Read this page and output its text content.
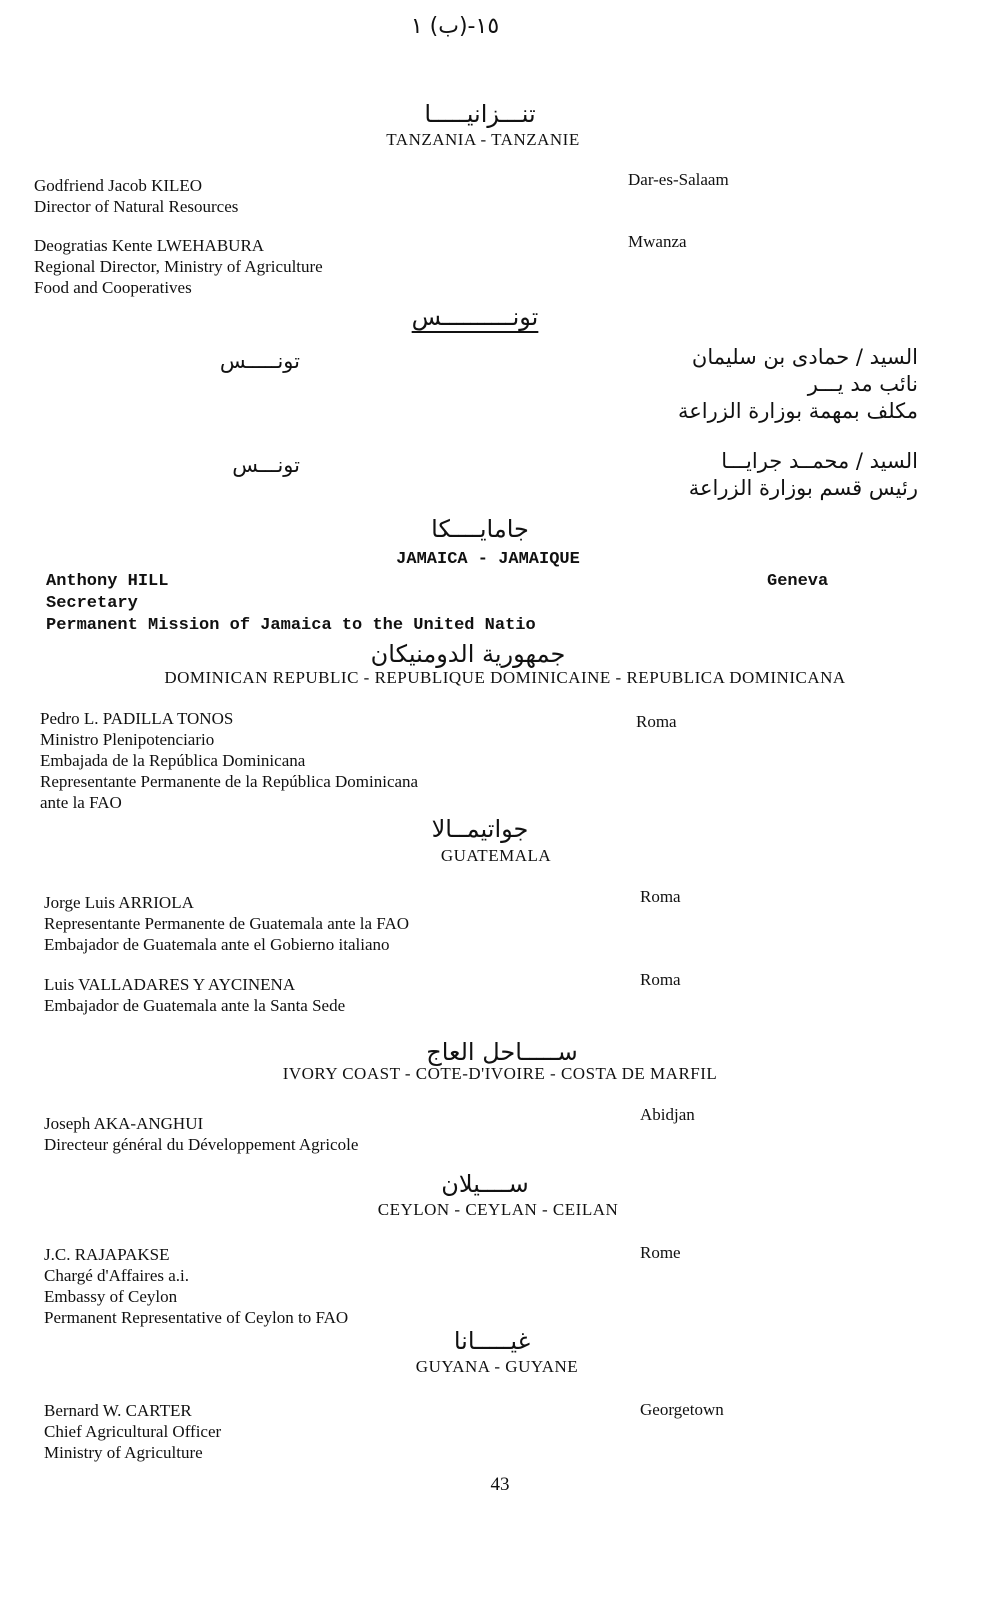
١٥-(ب) ١
تنـــزانيـــــا
TANZANIA - TANZANIE
Godfriend Jacob KILEO
Director of Natural Resources
Dar-es-Salaam
Deogratias Kente LWEHABURA
Regional Director, Ministry of Agriculture
Food and Cooperatives
Mwanza
تونــــــــــس
تونـــــس	السيد / حمادى بن سليمان
نائب مد يـــر
مكلف بمهمة بوزارة الزراعة
تونـــس	السيد / محمــد جرايـــا
رئيس قسم بوزارة الزراعة
جامايــــكا
JAMAICA - JAMAIQUE
Anthony HILL
Secretary
Permanent Mission of Jamaica to the United Natio
Geneva
جمهورية الدومنيكان
DOMINICAN REPUBLIC - REPUBLIQUE DOMINICAINE - REPUBLICA DOMINICANA
Pedro L. PADILLA TONOS
Ministro Plenipotenciario
Embajada de la República Dominicana
Representante Permanente de la República Dominicana
ante la FAO
Roma
جواتيمــالا
GUATEMALA
Jorge Luis ARRIOLA
Representante Permanente de Guatemala ante la FAO
Embajador de Guatemala ante el Gobierno italiano
Roma
Luis VALLADARES Y AYCINENA
Embajador de Guatemala ante la Santa Sede
Roma
ســـــاحل العاج
IVORY COAST - COTE-D'IVOIRE - COSTA DE MARFIL
Joseph AKA-ANGHUI
Directeur général du Développement Agricole
Abidjan
ســــيلان
CEYLON - CEYLAN - CEILAN
J.C. RAJAPAKSE
Chargé d'Affaires a.i.
Embassy of Ceylon
Permanent Representative of Ceylon to FAO
Rome
غيـــــانا
GUYANA - GUYANE
Bernard W. CARTER
Chief Agricultural Officer
Ministry of Agriculture
Georgetown
43
